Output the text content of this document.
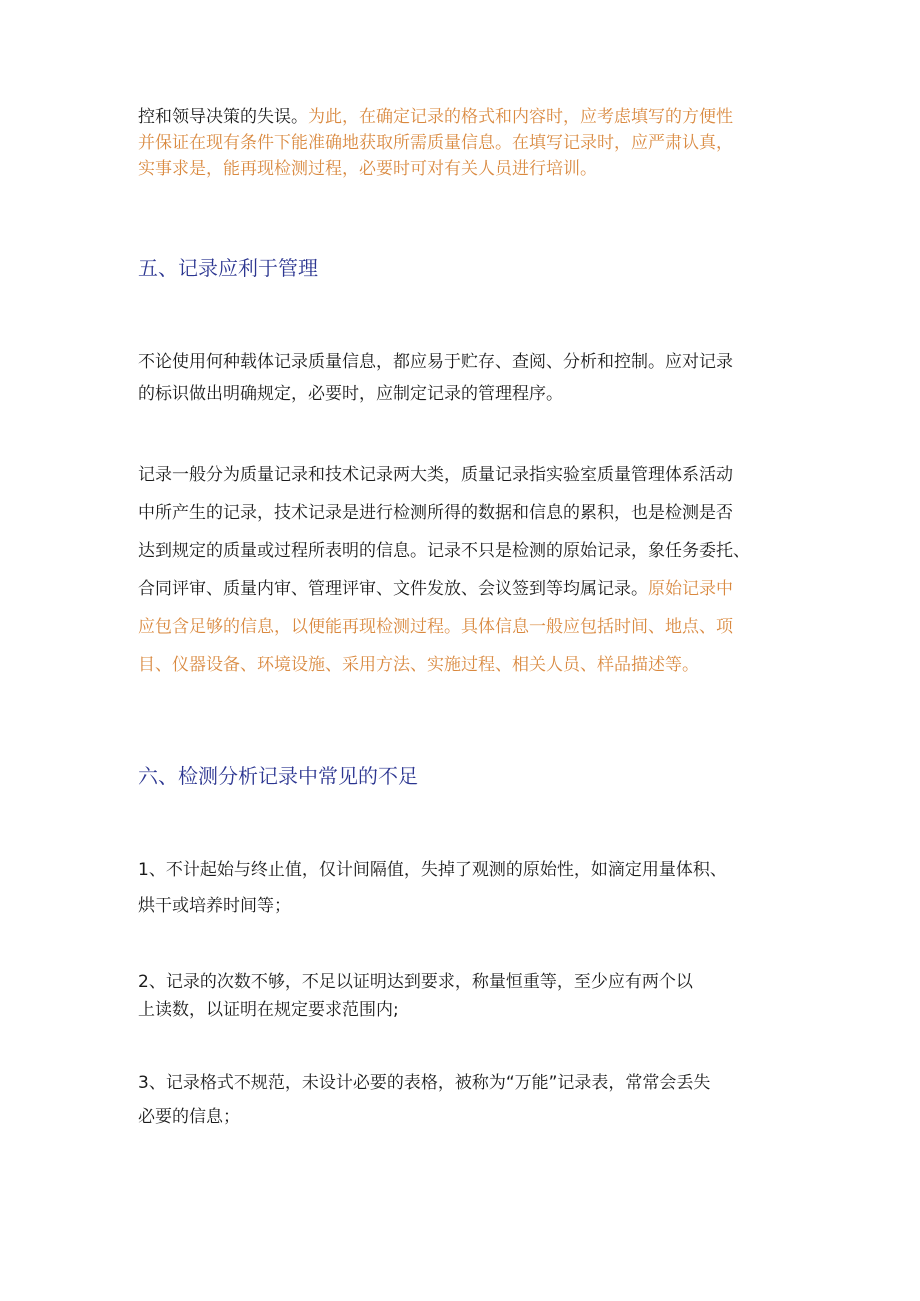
控和领导决策的失误。为此，在确定记录的格式和内容时，应考虑填写的方便性
并保证在现有条件下能准确地获取所需质量信息。在填写记录时，应严肃认真，
实事求是，能再现检测过程，必要时可对有关人员进行培训。
五、记录应利于管理
不论使用何种载体记录质量信息，都应易于贮存、查阅、分析和控制。应对记录
的标识做出明确规定，必要时，应制定记录的管理程序。
记录一般分为质量记录和技术记录两大类，质量记录指实验室质量管理体系活动
中所产生的记录，技术记录是进行检测所得的数据和信息的累积，也是检测是否
达到规定的质量或过程所表明的信息。记录不只是检测的原始记录，象任务委托、
合同评审、质量内审、管理评审、文件发放、会议签到等均属记录。原始记录中
应包含足够的信息，以便能再现检测过程。具体信息一般应包括时间、地点、项
目、仪器设备、环境设施、采用方法、实施过程、相关人员、样品描述等。
六、检测分析记录中常见的不足
1、不计起始与终止值，仅计间隔值，失掉了观测的原始性，如滴定用量体积、
烘干或培养时间等；
2、记录的次数不够，不足以证明达到要求，称量恒重等，至少应有两个以
上读数，以证明在规定要求范围内;
3、记录格式不规范，未设计必要的表格，被称为“万能”记录表，常常会丢失
必要的信息；
